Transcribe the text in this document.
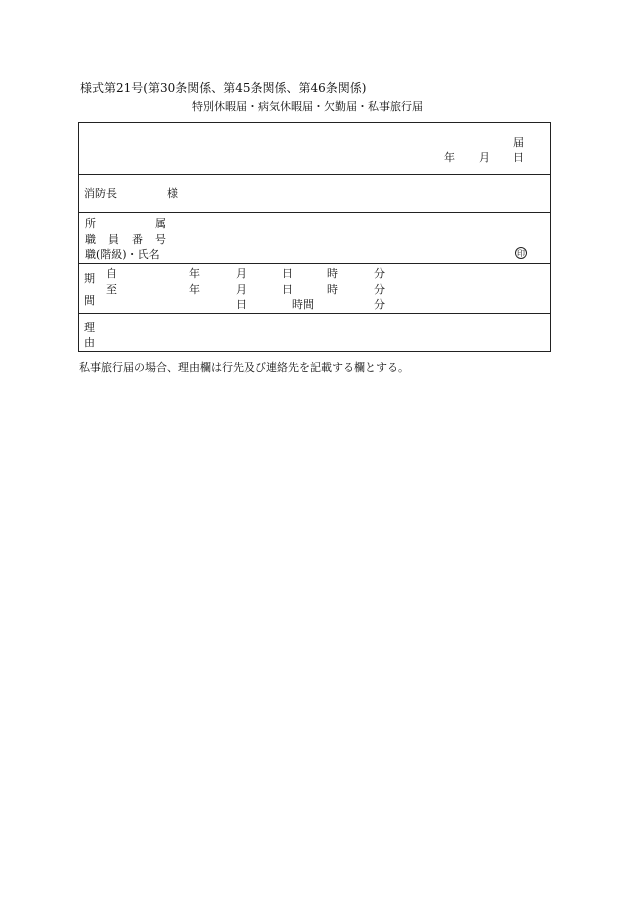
様式第21号(第30条関係、第45条関係、第46条関係)
特別休暇届・病気休暇届・欠勤届・私事旅行届
届
年 月 日
消防長	様
所	属
職 員 番 号
職(階級)・氏名	印
期
間
自	年	月	日	時	分
至	年	月	日	時	分
日	時間	分
理
由
私事旅行届の場合、理由欄は行先及び連絡先を記載する欄とする。
